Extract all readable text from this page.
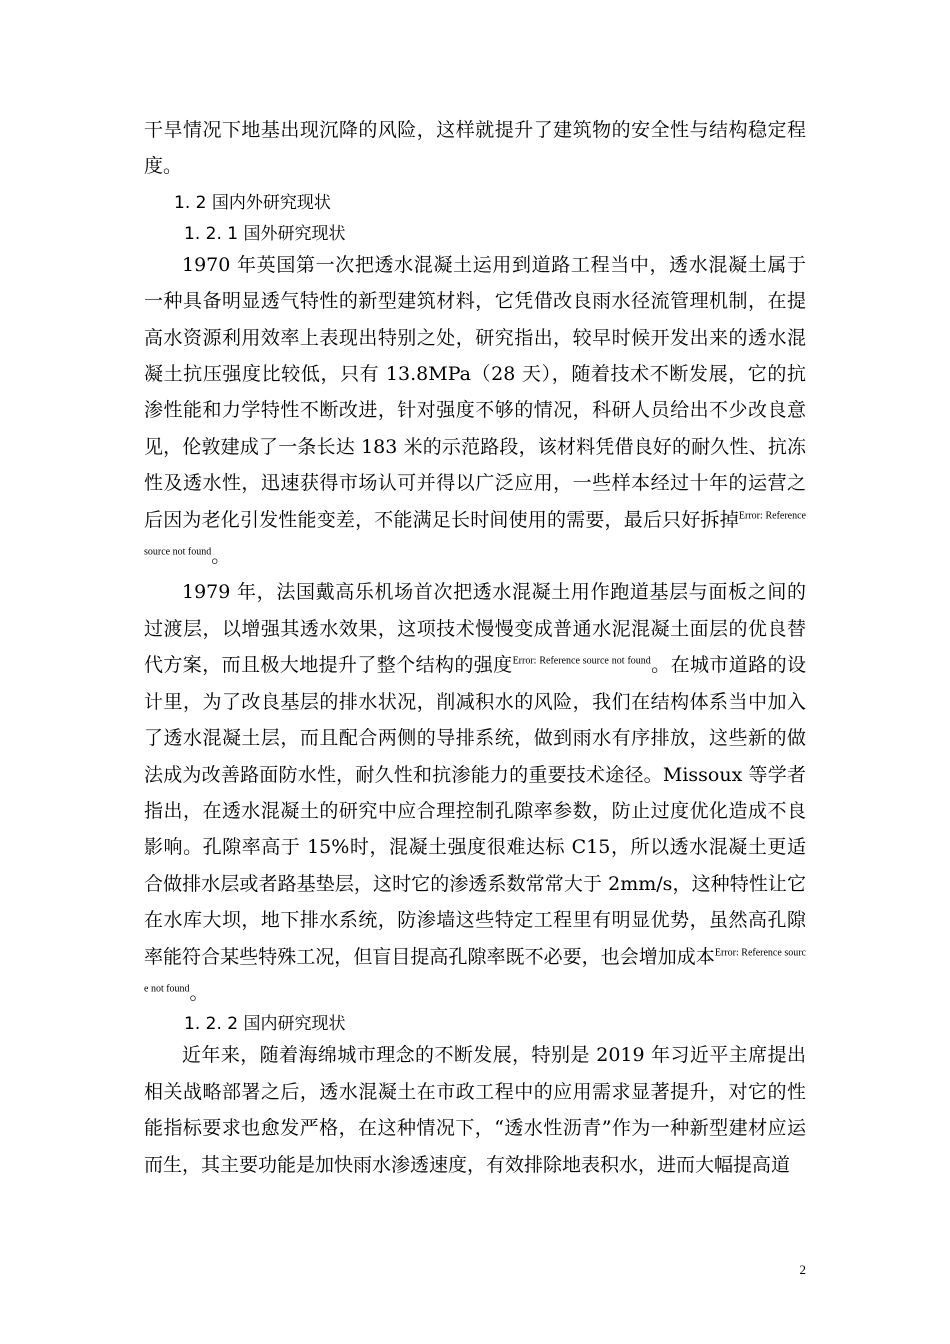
干旱情况下地基出现沉降的风险，这样就提升了建筑物的安全性与结构稳定程度。

1. 2 国内外研究现状

1. 2. 1 国外研究现状

1970 年英国第一次把透水混凝土运用到道路工程当中，透水混凝土属于一种具备明显透气特性的新型建筑材料，它凭借改良雨水径流管理机制，在提高水资源利用效率上表现出特别之处，研究指出，较早时候开发出来的透水混凝土抗压强度比较低，只有 13.8MPa（28 天），随着技术不断发展，它的抗渗性能和力学特性不断改进，针对强度不够的情况，科研人员给出不少改良意见，伦敦建成了一条长达 183 米的示范路段，该材料凭借良好的耐久性、抗冻性及透水性，迅速获得市场认可并得以广泛应用，一些样本经过十年的运营之后因为老化引发性能变差，不能满足长时间使用的需要，最后只好拆掉$^{Error: Reference source not found}$。

1979 年，法国戴高乐机场首次把透水混凝土用作跑道基层与面板之间的过渡层，以增强其透水效果，这项技术慢慢变成普通水泥混凝土面层的优良替代方案，而且极大地提升了整个结构的强度$^{Error: Reference source not found}$。在城市道路的设计里，为了改良基层的排水状况，削减积水的风险，我们在结构体系当中加入了透水混凝土层，而且配合两侧的导排系统，做到雨水有序排放，这些新的做法成为改善路面防水性，耐久性和抗渗能力的重要技术途径。Missoux 等学者指出，在透水混凝土的研究中应合理控制孔隙率参数，防止过度优化造成不良影响。孔隙率高于 15%时，混凝土强度很难达标 C15，所以透水混凝土更适合做排水层或者路基垫层，这时它的渗透系数常常大于 2mm/s，这种特性让它在水库大坝，地下排水系统，防渗墙这些特定工程里有明显优势，虽然高孔隙率能符合某些特殊工况，但盲目提高孔隙率既不必要，也会增加成本$^{Error: Reference source not found}$。

1. 2. 2 国内研究现状

近年来，随着海绵城市理念的不断发展，特别是 2019 年习近平主席提出相关战略部署之后，透水混凝土在市政工程中的应用需求显著提升，对它的性能指标要求也愈发严格，在这种情况下，“透水性沥青”作为一种新型建材应运而生，其主要功能是加快雨水渗透速度，有效排除地表积水，进而大幅提高道

2
